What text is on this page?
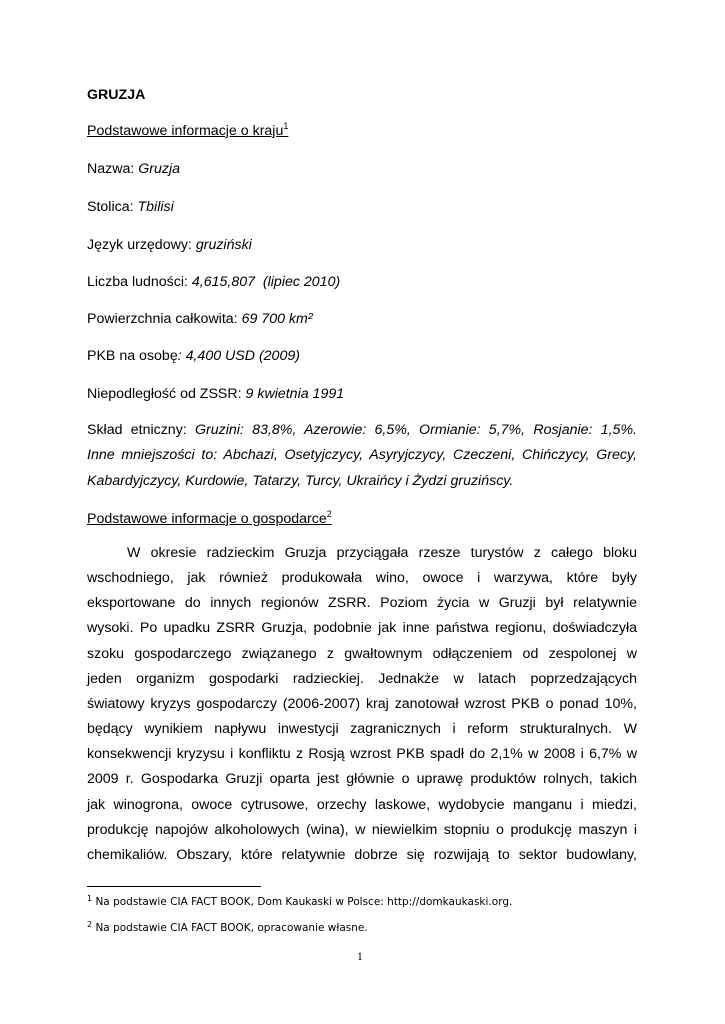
GRUZJA
Podstawowe informacje o kraju$^1$
Nazwa: Gruzja
Stolica: Tbilisi
Język urzędowy: gruziński
Liczba ludności: 4,615,807  (lipiec 2010)
Powierzchnia całkowita: 69 700 km²
PKB na osobę: 4,400 USD (2009)
Niepodległość od ZSSR: 9 kwietnia 1991
Skład etniczny: Gruzini: 83,8%, Azerowie: 6,5%, Ormianie: 5,7%, Rosjanie: 1,5%.
Inne mniejszości to: Abchazi, Osetyjczycy, Asyryjczycy, Czeczeni, Chińczycy, Grecy,
Kabardyjczycy, Kurdowie, Tatarzy, Turcy, Ukraińcy i Żydzi gruzińscy.
Podstawowe informacje o gospodarce$^2$
W okresie radzieckim Gruzja przyciągała rzesze turystów z całego bloku
wschodniego, jak również produkowała wino, owoce i warzywa, które były
eksportowane do innych regionów ZSRR. Poziom życia w Gruzji był relatywnie
wysoki. Po upadku ZSRR Gruzja, podobnie jak inne państwa regionu, doświadczyła
szoku gospodarczego związanego z gwałtownym odłączeniem od zespolonej w
jeden organizm gospodarki radzieckiej. Jednakże w latach poprzedzających
światowy kryzys gospodarczy (2006-2007) kraj zanotował wzrost PKB o ponad 10%,
będący wynikiem napływu inwestycji zagranicznych i reform strukturalnych. W
konsekwencji kryzysu i konfliktu z Rosją wzrost PKB spadł do 2,1% w 2008 i 6,7% w
2009 r. Gospodarka Gruzji oparta jest głównie o uprawę produktów rolnych, takich
jak winogrona, owoce cytrusowe, orzechy laskowe, wydobycie manganu i miedzi,
produkcję napojów alkoholowych (wina), w niewielkim stopniu o produkcję maszyn i
chemikaliów. Obszary, które relatywnie dobrze się rozwijają to sektor budowlany,
$^1$ Na podstawie CIA FACT BOOK, Dom Kaukaski w Polsce: http://domkaukaski.org.
$^2$ Na podstawie CIA FACT BOOK, opracowanie własne.
1
